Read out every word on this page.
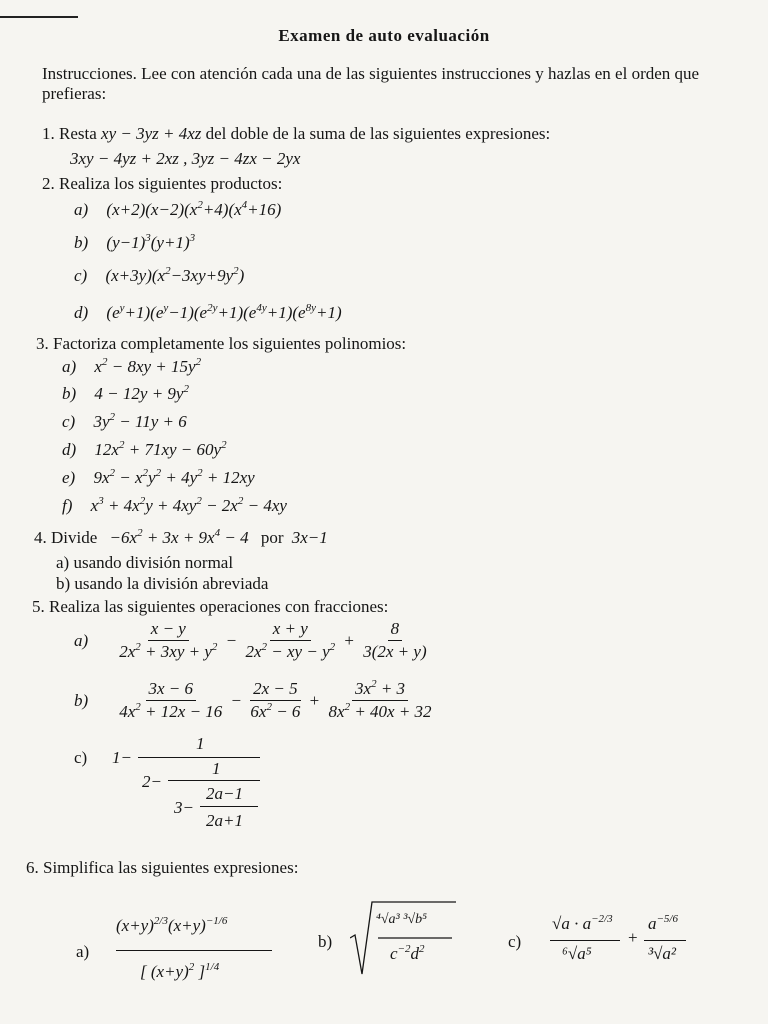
Examen de auto evaluación
Instrucciones. Lee con atención cada una de las siguientes instrucciones y hazlas en el orden que prefieras:
1. Resta xy − 3yz + 4xz del doble de la suma de las siguientes expresiones:
3xy − 4yz + 2xz , 3yz − 4zx − 2yx
2. Realiza los siguientes productos:
a) $(x+2)(x-2)(x^2+4)(x^4+16)$
b) $(y-1)^3(y+1)^3$
c) $(x+3y)(x^2-3xy+9y^2)$
d) $(e^y+1)(e^y-1)(e^{2y}+1)(e^{4y}+1)(e^{8y}+1)$
3. Factoriza completamente los siguientes polinomios:
a) $x^2 - 8xy + 15y^2$
b) $4 - 12y + 9y^2$
c) $3y^2 - 11y + 6$
d) $12x^2 + 71xy - 60y^2$
e) $9x^2 - x^2y^2 + 4y^2 + 12xy$
f) $x^3 + 4x^2y + 4xy^2 - 2x^2 - 4xy$
4. Divide $-6x^2 + 3x + 9x^4 - 4$ por 3x−1
a) usando división normal
b) usando la división abreviada
5. Realiza las siguientes operaciones con fracciones:
$a) \frac{x - y}{2x^2 + 3xy + y^2} - \frac{x + y}{2x^2 - xy - y^2} + \frac{8}{3(2x + y)}$
$b) \frac{3x - 6}{4x^2 + 12x - 16} - \frac{2x - 5}{6x^2 - 6} + \frac{3x^2 + 3}{8x^2 + 40x + 32}$
c) 1−
1
2−
1
3−
2a−1
2a+1
6. Simplifica las siguientes expresiones:
a)
$(x+y)^{2/3}(x+y)^{-1/6}$
[ $(x+y)^2$ ]$^{1/4}$
b)
⁴√a³ ³√b⁵
$c^{-2}d^2$	c)
$√a \cdot a^{-2/3}$
⁶√a⁵
+
$a^{-5/6}$
³√a²
